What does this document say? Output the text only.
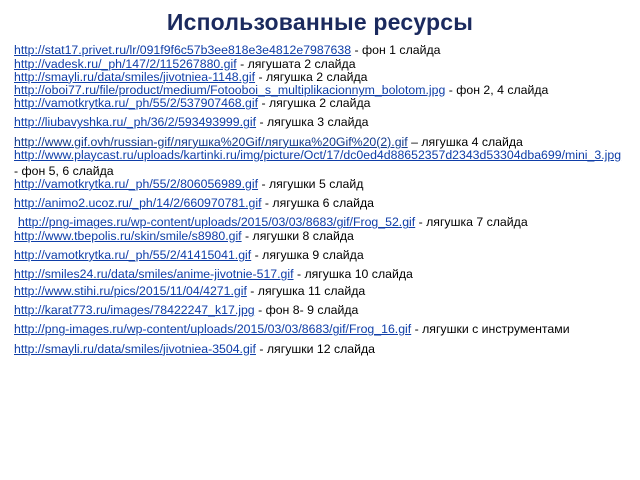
Использованные ресурсы
http://stat17.privet.ru/lr/091f9f6c57b3ee818e3e4812e7987638 - фон 1 слайда
http://vadesk.ru/_ph/147/2/115267880.gif - лягушата 2 слайда
http://smayli.ru/data/smiles/jivotniea-1148.gif - лягушка 2 слайда
http://oboi77.ru/file/product/medium/Fotooboi_s_multiplikacionnym_bolotom.jpg - фон 2, 4 слайда
http://vamotkrytka.ru/_ph/55/2/537907468.gif - лягушка 2 слайда
http://liubavyshka.ru/_ph/36/2/593493999.gif - лягушка 3 слайда
http://www.gif.ovh/russian-gif/лягушка%20Gif/лягушка%20Gif%20(2).gif – лягушка 4 слайда
http://www.playcast.ru/uploads/kartinki.ru/img/picture/Oct/17/dc0ed4d88652357d2343d53304dba699/mini_3.jpg - фон 5, 6 слайда
http://vamotkrytka.ru/_ph/55/2/806056989.gif - лягушки 5 слайд
http://animo2.ucoz.ru/_ph/14/2/660970781.gif - лягушка 6 слайда
http://png-images.ru/wp-content/uploads/2015/03/03/8683/gif/Frog_52.gif - лягушка 7 слайда
http://www.tbepolis.ru/skin/smile/s8980.gif - лягушки 8 слайда
http://vamotkrytka.ru/_ph/55/2/41415041.gif - лягушка 9 слайда
http://smiles24.ru/data/smiles/anime-jivotnie-517.gif - лягушка 10 слайда
http://www.stihi.ru/pics/2015/11/04/4271.gif - лягушка 11 слайда
http://karat773.ru/images/78422247_k17.jpg - фон 8- 9 слайда
http://png-images.ru/wp-content/uploads/2015/03/03/8683/gif/Frog_16.gif - лягушки с инструментами
http://smayli.ru/data/smiles/jivotniea-3504.gif - лягушки 12 слайда
